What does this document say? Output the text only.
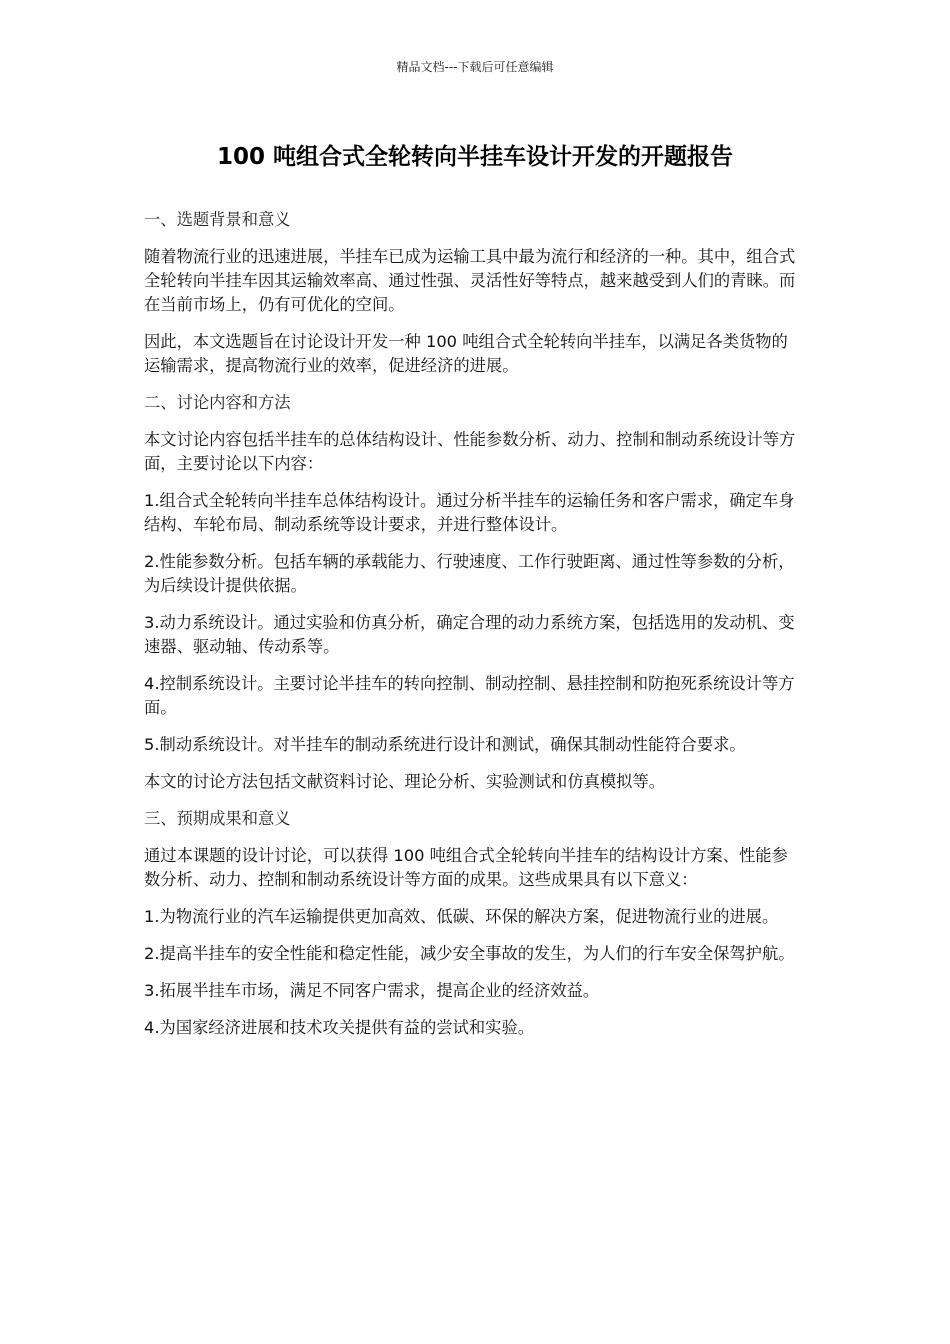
精品文档---下载后可任意编辑
100 吨组合式全轮转向半挂车设计开发的开题报告

一、选题背景和意义

随着物流行业的迅速进展，半挂车已成为运输工具中最为流行和经济的一种。其中，组合式全轮转向半挂车因其运输效率高、通过性强、灵活性好等特点，越来越受到人们的青睐。而在当前市场上，仍有可优化的空间。

因此，本文选题旨在讨论设计开发一种 100 吨组合式全轮转向半挂车，以满足各类货物的运输需求，提高物流行业的效率，促进经济的进展。

二、讨论内容和方法

本文讨论内容包括半挂车的总体结构设计、性能参数分析、动力、控制和制动系统设计等方面，主要讨论以下内容：

1.组合式全轮转向半挂车总体结构设计。通过分析半挂车的运输任务和客户需求，确定车身结构、车轮布局、制动系统等设计要求，并进行整体设计。

2.性能参数分析。包括车辆的承载能力、行驶速度、工作行驶距离、通过性等参数的分析，为后续设计提供依据。

3.动力系统设计。通过实验和仿真分析，确定合理的动力系统方案，包括选用的发动机、变速器、驱动轴、传动系等。

4.控制系统设计。主要讨论半挂车的转向控制、制动控制、悬挂控制和防抱死系统设计等方面。

5.制动系统设计。对半挂车的制动系统进行设计和测试，确保其制动性能符合要求。

本文的讨论方法包括文献资料讨论、理论分析、实验测试和仿真模拟等。

三、预期成果和意义

通过本课题的设计讨论，可以获得 100 吨组合式全轮转向半挂车的结构设计方案、性能参数分析、动力、控制和制动系统设计等方面的成果。这些成果具有以下意义：

1.为物流行业的汽车运输提供更加高效、低碳、环保的解决方案，促进物流行业的进展。

2.提高半挂车的安全性能和稳定性能，减少安全事故的发生，为人们的行车安全保驾护航。

3.拓展半挂车市场，满足不同客户需求，提高企业的经济效益。

4.为国家经济进展和技术攻关提供有益的尝试和实验。
